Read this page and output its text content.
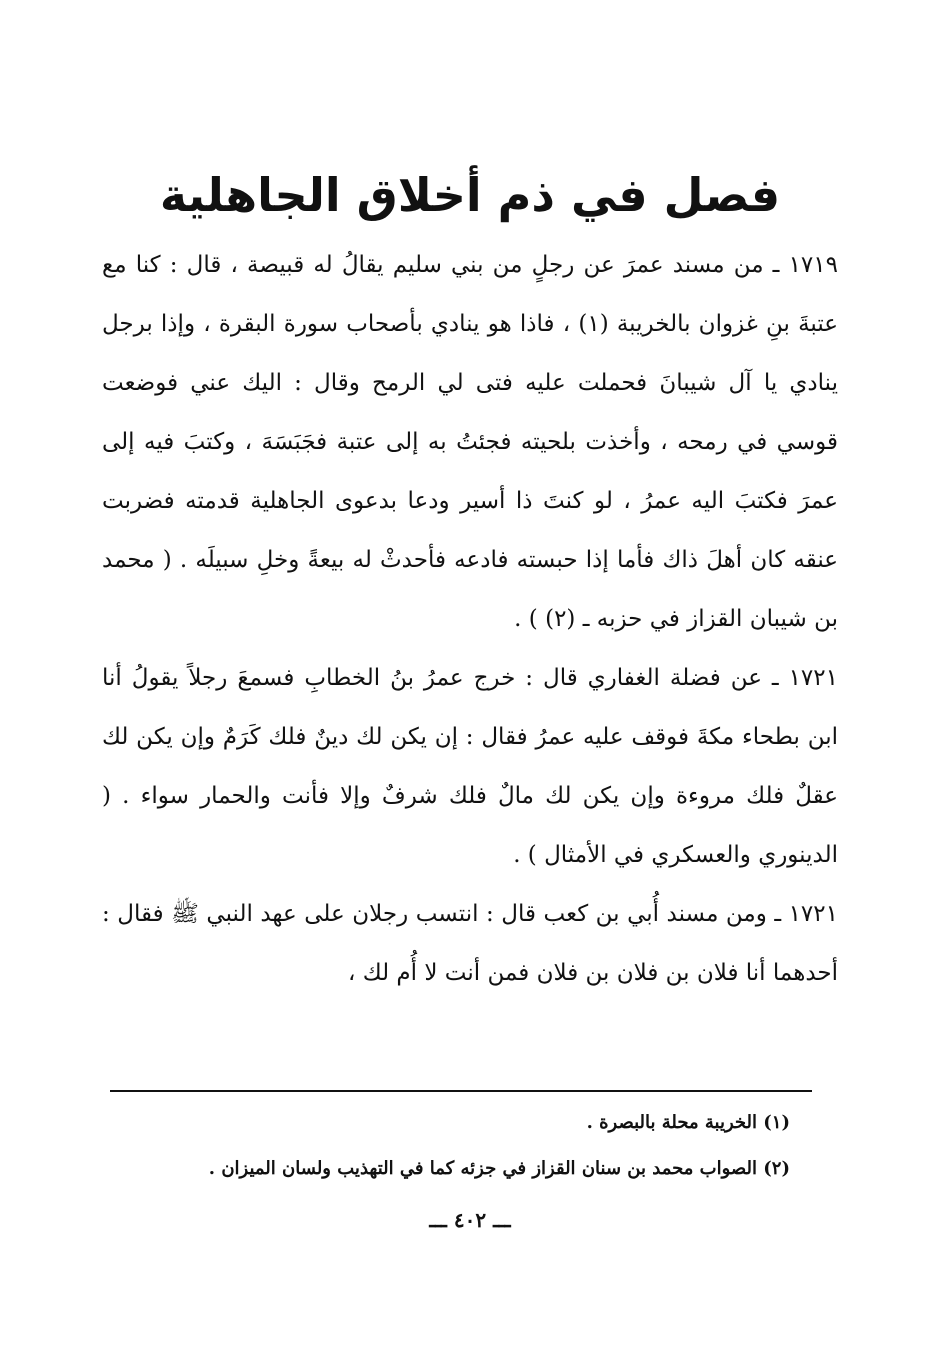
فصل في ذم أخلاق الجاهلية

١٧١٩ ـ من مسند عمرَ عن رجلٍ من بني سليم يقالُ له قبيصة ، قال : كنا مع عتبةَ بنِ غزوان بالخريبة (١) ، فاذا هو ينادي بأصحاب سورة البقرة ، وإذا برجل ينادي يا آل شيبانَ فحملت عليه فتى لي الرمح وقال : اليك عني فوضعت قوسي في رمحه ، وأخذت بلحيته فجئتُ به إلى عتبة فجَبَسَهَ ، وكتبَ فيه إلى عمرَ فكتبَ اليه عمرُ ، لو كنتَ ذا أسير ودعا بدعوى الجاهلية قدمته فضربت عنقه كان أهلَ ذاك فأما إذا حبسته فادعه فأحدثْ له بيعةً وخلِ سبيلَه . ( محمد بن شيبان القزاز في حزبه ـ (٢) ) .

١٧٢١ ـ عن فضلة الغفاري قال : خرج عمرُ بنُ الخطابِ فسمعَ رجلاً يقولُ أنا ابن بطحاء مكةَ فوقف عليه عمرُ فقال : إن يكن لك دينٌ فلك كَرَمٌ وإن يكن لك عقلٌ فلك مروءة وإن يكن لك مالٌ فلك شرفٌ وإلا فأنت والحمار سواء . ( الدينوري والعسكري في الأمثال ) .

١٧٢١ ـ ومن مسند أُبي بن كعب قال : انتسب رجلان على عهد النبي ﷺ فقال : أحدهما أنا فلان بن فلان بن فلان فمن أنت لا أُم لك ،

(١) الخريبة محلة بالبصرة .

(٢) الصواب محمد بن سنان القزاز في جزئه كما في التهذيب ولسان الميزان .

ـــ ٤٠٢ ـــ
